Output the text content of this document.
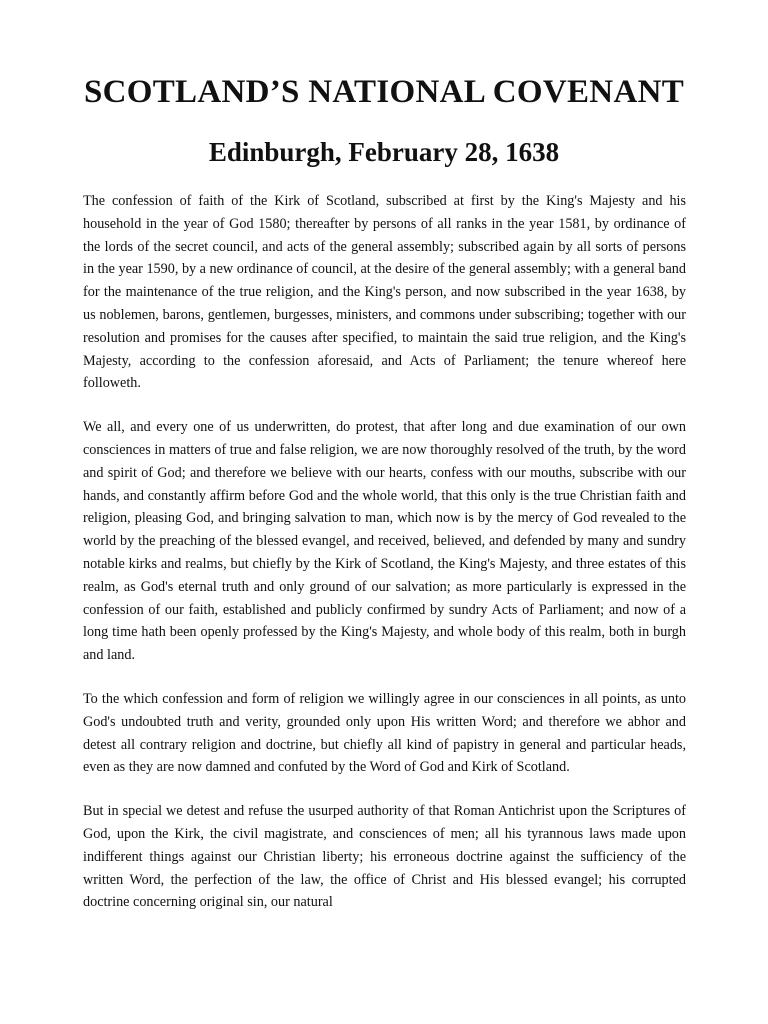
SCOTLAND’S NATIONAL COVENANT
Edinburgh, February 28, 1638

The confession of faith of the Kirk of Scotland, subscribed at first by the King's Majesty and his household in the year of God 1580; thereafter by persons of all ranks in the year 1581, by ordinance of the lords of the secret council, and acts of the general assembly; subscribed again by all sorts of persons in the year 1590, by a new ordinance of council, at the desire of the general assembly; with a general band for the maintenance of the true religion, and the King's person, and now subscribed in the year 1638, by us noblemen, barons, gentlemen, burgesses, ministers, and commons under subscribing; together with our resolution and promises for the causes after specified, to maintain the said true religion, and the King's Majesty, according to the confession aforesaid, and Acts of Parliament; the tenure whereof here followeth.

We all, and every one of us underwritten, do protest, that after long and due examination of our own consciences in matters of true and false religion, we are now thoroughly resolved of the truth, by the word and spirit of God; and therefore we believe with our hearts, confess with our mouths, subscribe with our hands, and constantly affirm before God and the whole world, that this only is the true Christian faith and religion, pleasing God, and bringing salvation to man, which now is by the mercy of God revealed to the world by the preaching of the blessed evangel, and received, believed, and defended by many and sundry notable kirks and realms, but chiefly by the Kirk of Scotland, the King's Majesty, and three estates of this realm, as God's eternal truth and only ground of our salvation; as more particularly is expressed in the confession of our faith, established and publicly confirmed by sundry Acts of Parliament; and now of a long time hath been openly professed by the King's Majesty, and whole body of this realm, both in burgh and land.

To the which confession and form of religion we willingly agree in our consciences in all points, as unto God's undoubted truth and verity, grounded only upon His written Word; and therefore we abhor and detest all contrary religion and doctrine, but chiefly all kind of papistry in general and particular heads, even as they are now damned and confuted by the Word of God and Kirk of Scotland.

But in special we detest and refuse the usurped authority of that Roman Antichrist upon the Scriptures of God, upon the Kirk, the civil magistrate, and consciences of men; all his tyrannous laws made upon indifferent things against our Christian liberty; his erroneous doctrine against the sufficiency of the written Word, the perfection of the law, the office of Christ and His blessed evangel; his corrupted doctrine concerning original sin, our natural
